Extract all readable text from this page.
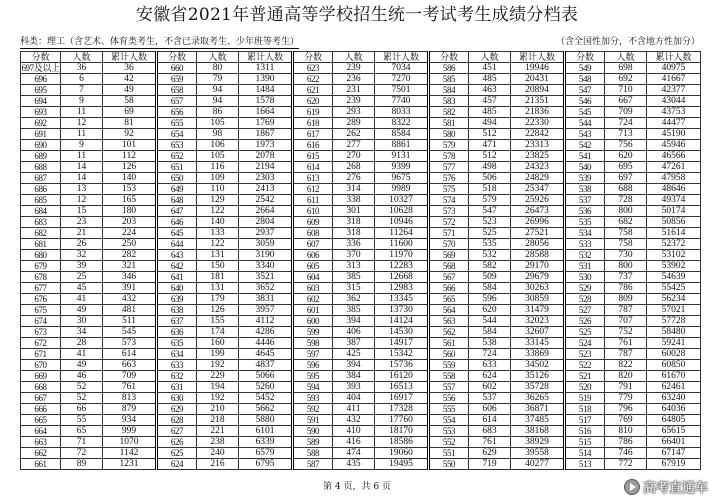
安徽省2021年普通高等学校招生统一考试考生成绩分档表
科类：理工（含艺术、体育类考生，不含已录取考生、少年班等考生）	（含全国性加分，不含地方性加分）
分数	人数	累计人数	分数	人数	累计人数	分数	人数	累计人数	分数	人数	累计人数	分数	人数	累计人数
697及以上	36	36	660	80	1311	623	239	7034	586	451	19946	549	698	40975
696	6	42	659	79	1390	622	236	7270	585	485	20431	548	692	41667
695	7	49	658	94	1484	621	231	7501	584	463	20894	547	710	42377
694	9	58	657	94	1578	620	239	7740	583	457	21351	546	667	43044
693	11	69	656	86	1664	619	293	8033	582	485	21836	545	709	43753
692	12	81	655	105	1769	618	289	8322	581	494	22330	544	724	44477
691	11	92	654	98	1867	617	262	8584	580	512	22842	543	713	45190
690	9	101	653	106	1973	616	277	8861	579	471	23313	542	756	45946
689	11	112	652	105	2078	615	270	9131	578	512	23825	541	620	46566
688	14	126	651	116	2194	614	268	9399	577	498	24323	540	695	47261
687	14	140	650	109	2303	613	276	9675	576	506	24829	539	697	47958
686	13	153	649	110	2413	612	314	9989	575	518	25347	538	688	48646
685	12	165	648	129	2542	611	338	10327	574	579	25926	537	728	49374
684	15	180	647	122	2664	610	301	10628	573	547	26473	536	800	50174
683	23	203	646	140	2804	609	318	10946	572	523	26996	535	682	50856
682	21	224	645	133	2937	608	318	11264	571	525	27521	534	758	51614
681	26	250	644	122	3059	607	336	11600	570	535	28056	533	758	52372
680	32	282	643	131	3190	606	370	11970	569	532	28588	532	730	53102
679	39	321	642	150	3340	605	313	12283	568	582	29170	531	800	53902
678	25	346	641	181	3521	604	385	12668	567	509	29679	530	737	54639
677	45	391	640	131	3652	603	315	12983	566	584	30263	529	786	55425
676	41	432	639	179	3831	602	362	13345	565	596	30859	528	809	56234
675	49	481	638	126	3957	601	385	13730	564	620	31479	527	787	57021
674	30	511	637	155	4112	600	394	14124	563	544	32023	526	707	57728
673	34	545	636	174	4286	599	406	14530	562	584	32607	525	752	58480
672	28	573	635	160	4446	598	387	14917	561	538	33145	524	761	59241
671	41	614	634	199	4645	597	425	15342	560	724	33869	523	787	60028
670	49	663	633	192	4837	596	394	15736	559	633	34502	522	822	60850
669	46	709	632	229	5066	595	384	16120	558	624	35126	521	820	61670
668	52	761	631	194	5260	594	393	16513	557	602	35728	520	791	62461
667	52	813	630	192	5452	593	404	16917	556	537	36265	519	779	63240
666	66	879	629	210	5662	592	411	17328	555	606	36871	518	796	64036
665	55	934	628	218	5880	591	432	17760	554	614	37485	517	769	64805
664	65	999	627	221	6101	590	410	18170	553	683	38168	516	810	65615
663	71	1070	626	238	6339	589	416	18586	552	761	38929	515	786	66401
662	72	1142	625	240	6579	588	474	19060	551	629	39558	514	746	67147
661	89	1231	624	216	6795	587	435	19495	550	719	40277	513	772	67919
第 4 页，共 6 页	高考直通车
